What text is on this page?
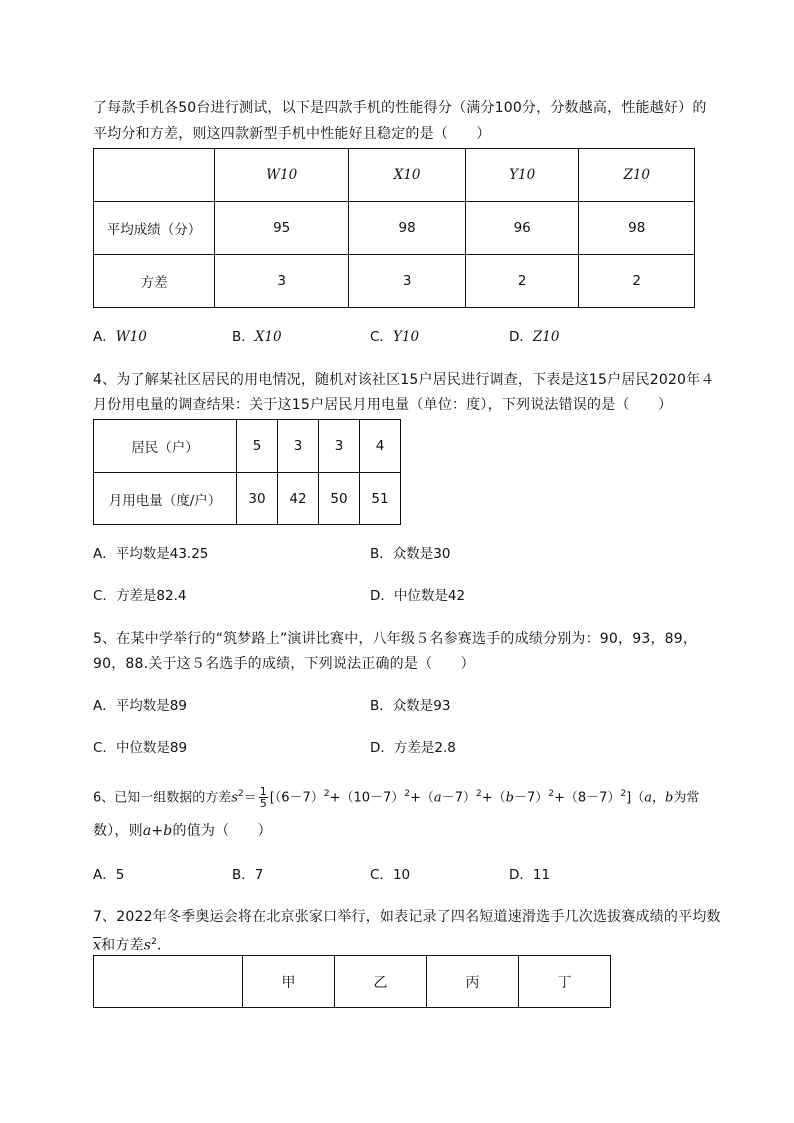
了每款手机各50台进行测试，以下是四款手机的性能得分（满分100分，分数越高，性能越好）的
平均分和方差，则这四款新型手机中性能好且稳定的是（　　）
	W10	X10	Y10	Z10
平均成绩（分）	95	98	96	98
方差	3	3	2	2
A．W10	B．X10	C．Y10	D．Z10
4、为了解某社区居民的用电情况，随机对该社区15户居民进行调查，下表是这15户居民2020年４
月份用电量的调查结果：关于这15户居民月用电量（单位：度），下列说法错误的是（　　）
居民（户）	5	3	3	4
月用电量（度/户）	30	42	50	51
A．平均数是43.25	B．众数是30
C．方差是82.4	D．中位数是42
5、在某中学举行的“筑梦路上”演讲比赛中，八年级５名参赛选手的成绩分别为：90，93，89，
90，88.关于这５名选手的成绩，下列说法正确的是（　　）
A．平均数是89	B．众数是93
C．中位数是89	D．方差是2.8
6、已知一组数据的方差$s^2= \frac{1}{5} [(6-7)^2+(10-7)^2+(a-7)^2+(b-7)^2+(8-7)^2](a$，b为常
数），则a+b的值为（　　）
A．5	B．7	C．10	D．11
7、2022年冬季奥运会将在北京张家口举行，如表记录了四名短道速滑选手几次选拔赛成绩的平均数
$\overline{x}$和方差$s^2$．
	甲	乙	丙	丁
